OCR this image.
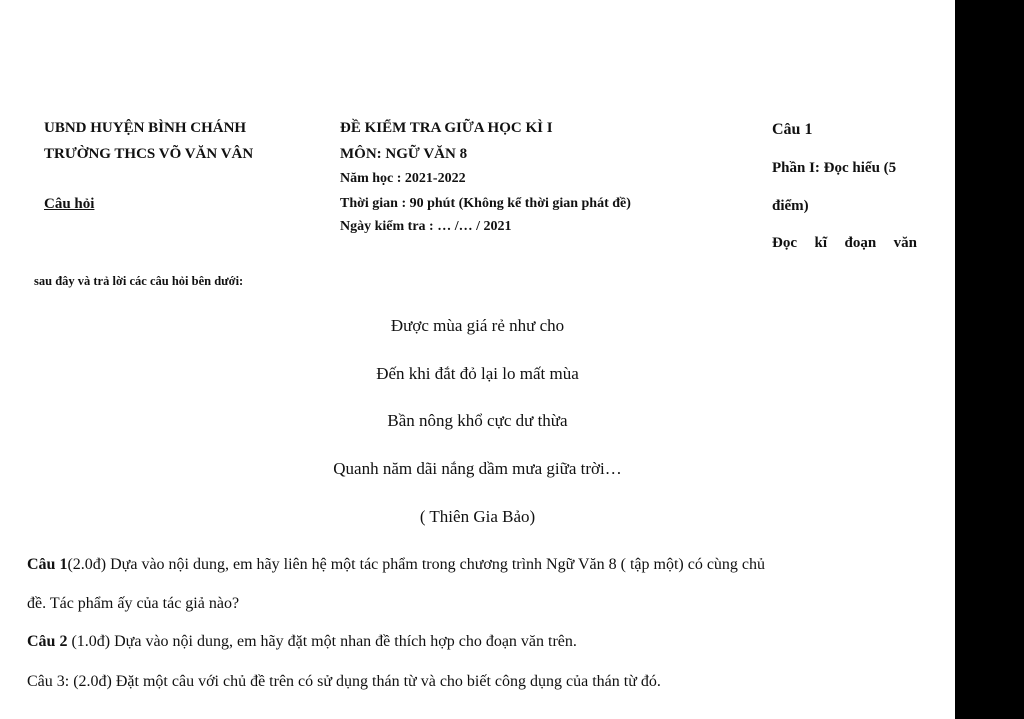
UBND HUYỆN BÌNH CHÁNH
TRƯỜNG THCS VÕ VĂN VÂN
Câu hỏi
ĐỀ KIỂM TRA GIỮA HỌC KÌ I
MÔN: NGỮ VĂN 8
Năm học : 2021-2022
Thời gian : 90 phút (Không kể thời gian phát đề)
Ngày kiểm tra : … /… / 2021
Câu 1
Phần I: Đọc hiểu (5
điểm)
Đọc kĩ đoạn văn
sau đây và trả lời các câu hỏi bên dưới:
Được mùa giá rẻ như cho
Đến khi đắt đỏ lại lo mất mùa
Bần nông khổ cực dư thừa
Quanh năm dãi nắng dầm mưa giữa trời…
( Thiên Gia Bảo)
Câu 1(2.0đ) Dựa vào nội dung, em hãy liên hệ một tác phẩm trong chương trình Ngữ Văn 8 ( tập một) có cùng chủ
đề. Tác phẩm ấy của tác giả nào?
Câu 2 (1.0đ) Dựa vào nội dung, em hãy đặt một nhan đề thích hợp cho đoạn văn trên.
Câu 3: (2.0đ) Đặt một câu với chủ đề trên có sử dụng thán từ và cho biết công dụng của thán từ đó.
